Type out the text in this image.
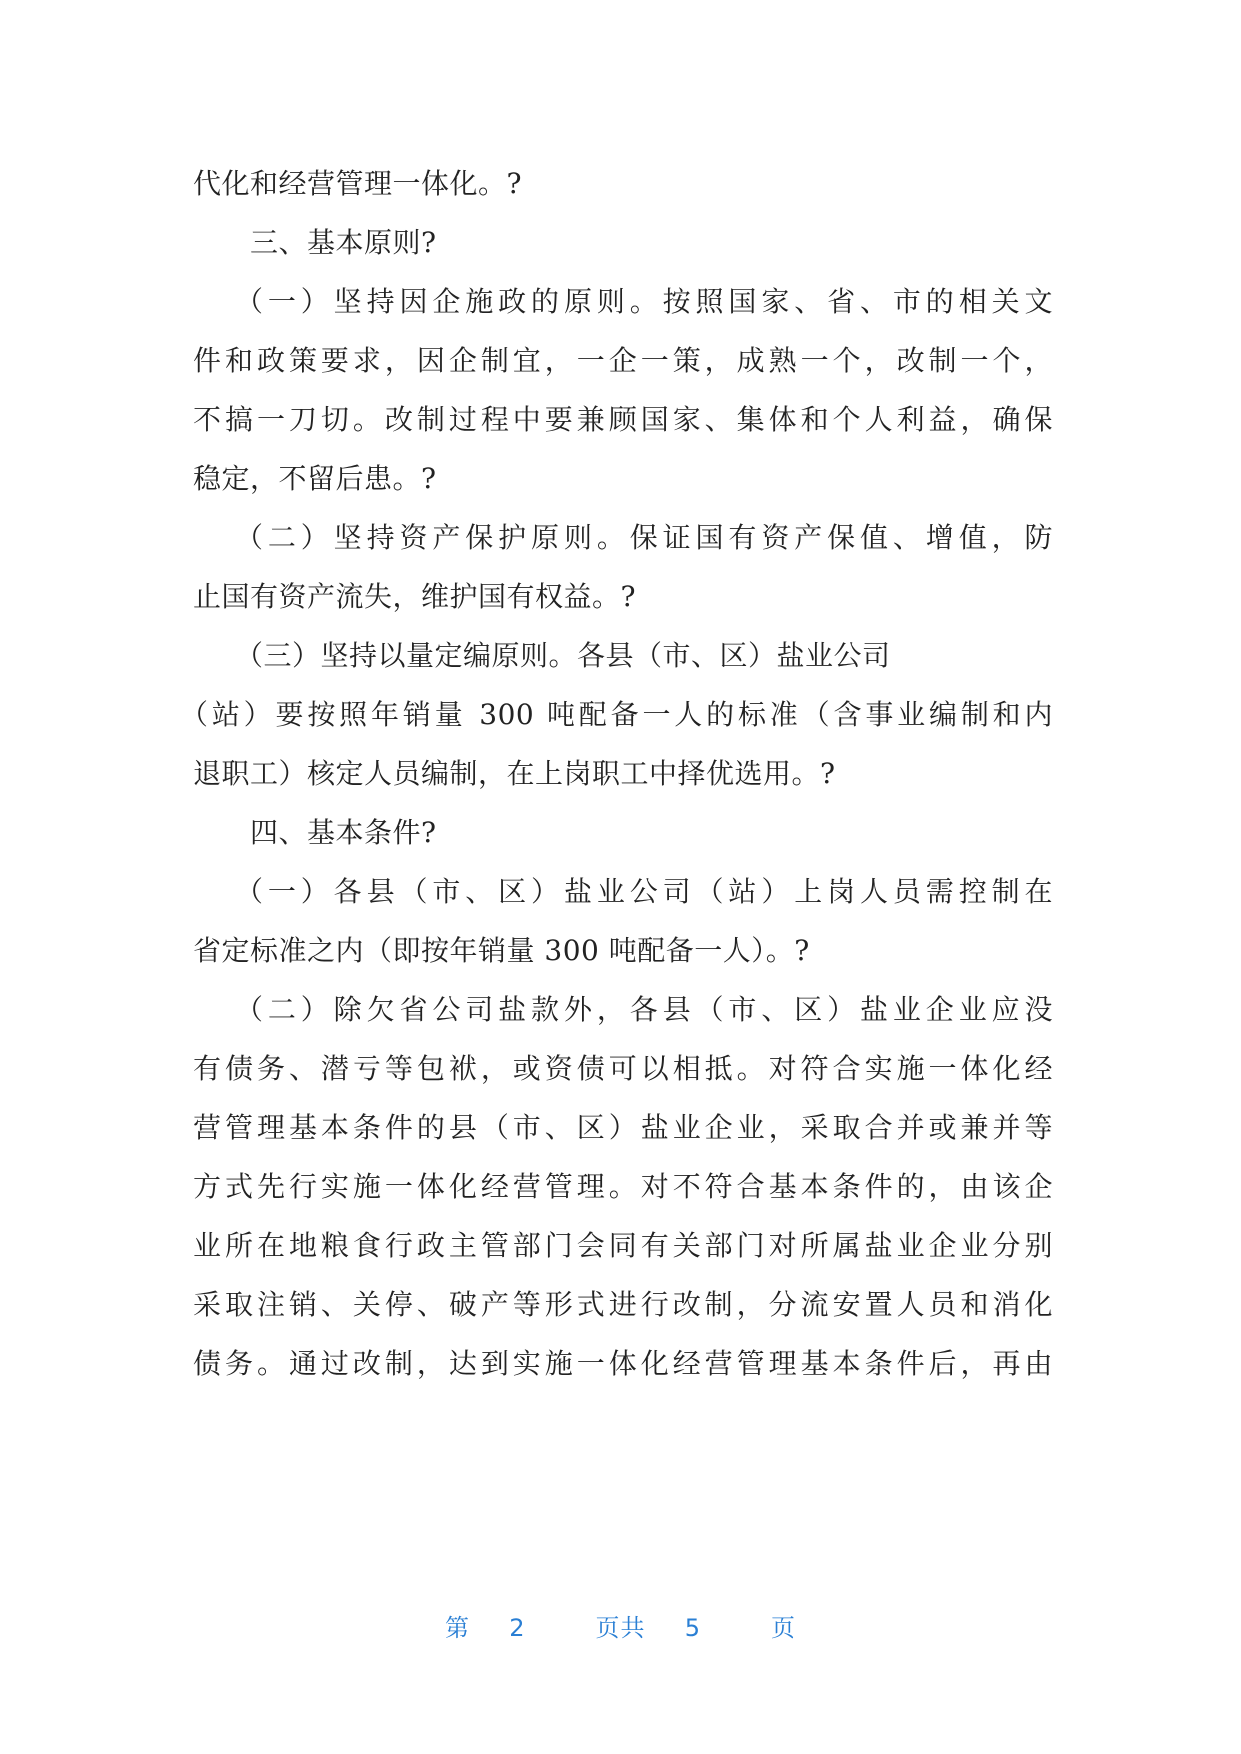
代化和经营管理一体化。?
三、基本原则?
（一）坚持因企施政的原则。按照国家、省、市的相关文
件和政策要求，因企制宜，一企一策，成熟一个，改制一个，
不搞一刀切。改制过程中要兼顾国家、集体和个人利益，确保
稳定，不留后患。?
（二）坚持资产保护原则。保证国有资产保值、增值，防
止国有资产流失，维护国有权益。?
（三）坚持以量定编原则。各县（市、区）盐业公司
（站）要按照年销量 300 吨配备一人的标准（含事业编制和内
退职工）核定人员编制，在上岗职工中择优选用。?
四、基本条件?
（一）各县（市、区）盐业公司（站）上岗人员需控制在
省定标准之内（即按年销量 300 吨配备一人）。?
（二）除欠省公司盐款外，各县（市、区）盐业企业应没
有债务、潜亏等包袱，或资债可以相抵。对符合实施一体化经
营管理基本条件的县（市、区）盐业企业，采取合并或兼并等
方式先行实施一体化经营管理。对不符合基本条件的，由该企
业所在地粮食行政主管部门会同有关部门对所属盐业企业分别
采取注销、关停、破产等形式进行改制，分流安置人员和消化
债务。通过改制，达到实施一体化经营管理基本条件后，再由
第 2	页共 5	页
